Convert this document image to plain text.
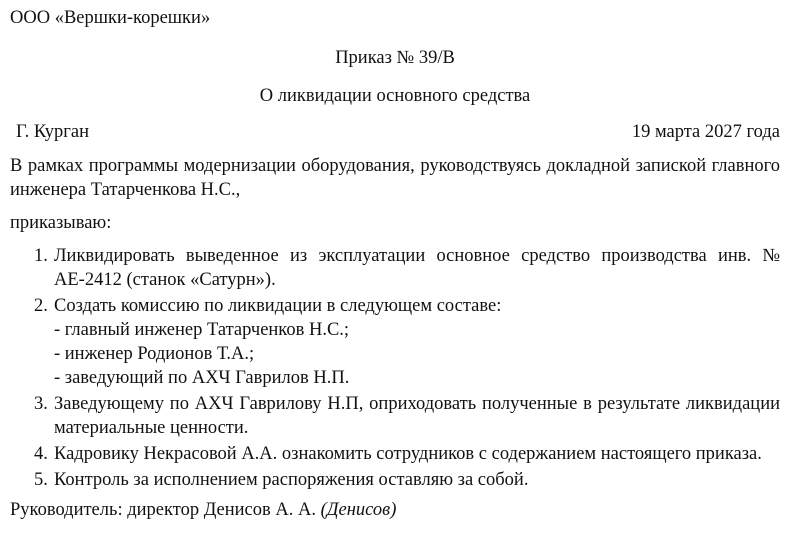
ООО «Вершки-корешки»
Приказ № 39/В
О ликвидации основного средства
Г. Курган	19 марта 2027 года
В рамках программы модернизации оборудования, руководствуясь докладной запиской главного инженера Татарченкова Н.С.,
приказываю:
1. Ликвидировать выведенное из эксплуатации основное средство производства инв. № АЕ-2412 (станок «Сатурн»).
2. Создать комиссию по ликвидации в следующем составе:
- главный инженер Татарченков Н.С.;
- инженер Родионов Т.А.;
- заведующий по АХЧ Гаврилов Н.П.
3. Заведующему по АХЧ Гаврилову Н.П, оприходовать полученные в результате ликвидации материальные ценности.
4. Кадровику Некрасовой А.А. ознакомить сотрудников с содержанием настоящего приказа.
5. Контроль за исполнением распоряжения оставляю за собой.
Руководитель: директор Денисов А. А. (Денисов)
